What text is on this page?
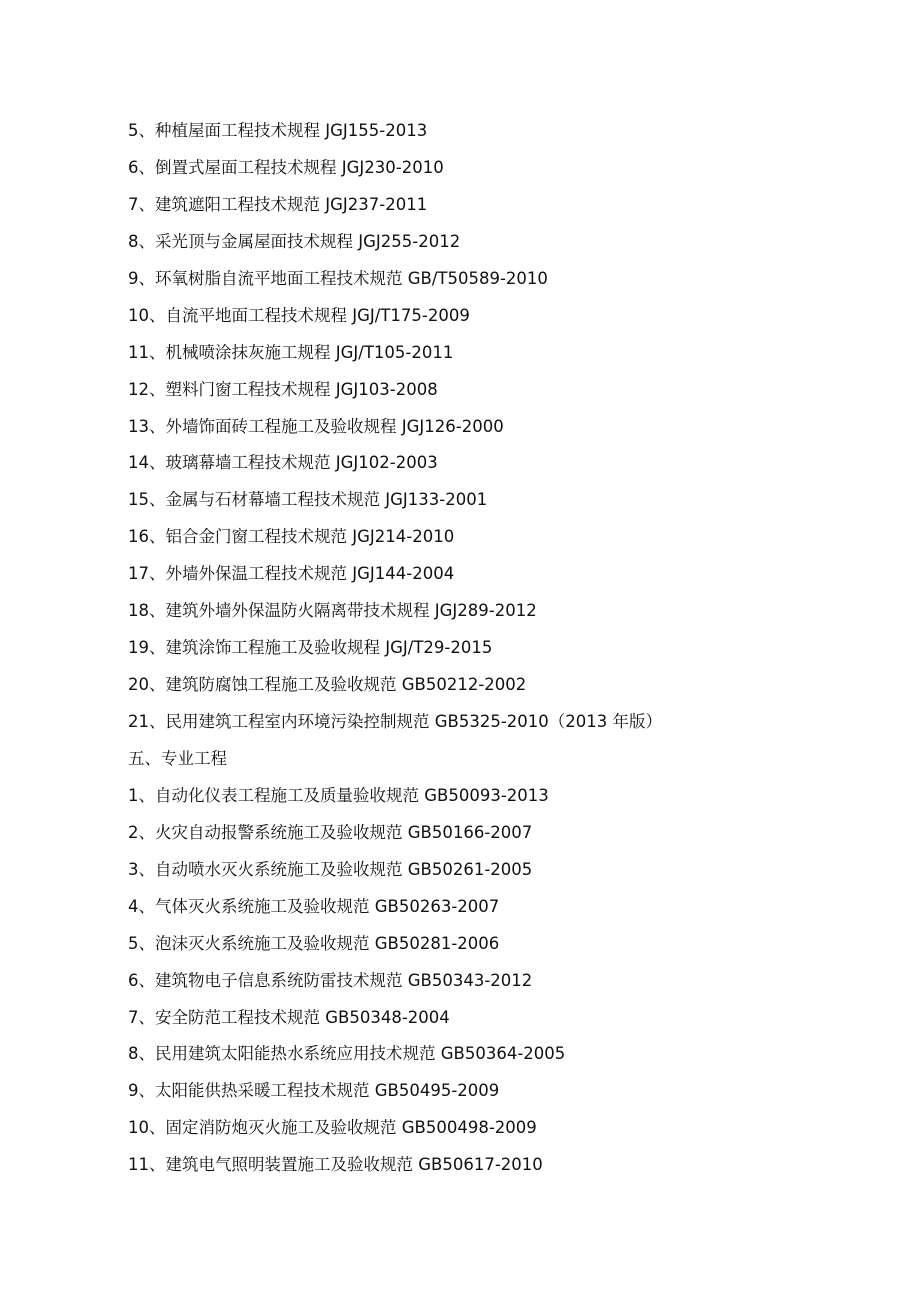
5、种植屋面工程技术规程 JGJ155-2013
6、倒置式屋面工程技术规程 JGJ230-2010
7、建筑遮阳工程技术规范 JGJ237-2011
8、采光顶与金属屋面技术规程 JGJ255-2012
9、环氧树脂自流平地面工程技术规范 GB/T50589-2010
10、自流平地面工程技术规程 JGJ/T175-2009
11、机械喷涂抹灰施工规程 JGJ/T105-2011
12、塑料门窗工程技术规程 JGJ103-2008
13、外墙饰面砖工程施工及验收规程 JGJ126-2000
14、玻璃幕墙工程技术规范 JGJ102-2003
15、金属与石材幕墙工程技术规范 JGJ133-2001
16、铝合金门窗工程技术规范 JGJ214-2010
17、外墙外保温工程技术规范 JGJ144-2004
18、建筑外墙外保温防火隔离带技术规程 JGJ289-2012
19、建筑涂饰工程施工及验收规程 JGJ/T29-2015
20、建筑防腐蚀工程施工及验收规范 GB50212-2002
21、民用建筑工程室内环境污染控制规范 GB5325-2010（2013 年版）
五、专业工程
1、自动化仪表工程施工及质量验收规范 GB50093-2013
2、火灾自动报警系统施工及验收规范 GB50166-2007
3、自动喷水灭火系统施工及验收规范 GB50261-2005
4、气体灭火系统施工及验收规范 GB50263-2007
5、泡沫灭火系统施工及验收规范 GB50281-2006
6、建筑物电子信息系统防雷技术规范 GB50343-2012
7、安全防范工程技术规范 GB50348-2004
8、民用建筑太阳能热水系统应用技术规范 GB50364-2005
9、太阳能供热采暖工程技术规范 GB50495-2009
10、固定消防炮灭火施工及验收规范 GB500498-2009
11、建筑电气照明装置施工及验收规范 GB50617-2010
